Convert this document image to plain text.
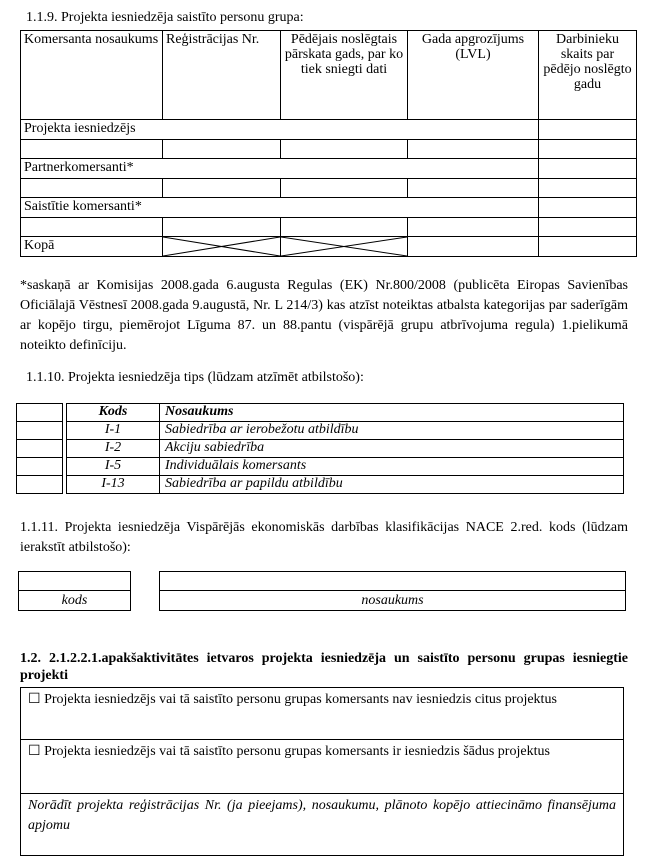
1.1.9. Projekta iesniedzēja saistīto personu grupa:
Komersanta nosaukums	Reģistrācijas Nr.	Pēdējais noslēgtais pārskata gads, par ko tiek sniegti dati	Gada apgrozījums (LVL)	Darbinieku skaits par pēdējo noslēgto gadu
Projekta iesniedzējs				

Partnerkomersanti*				

Saistītie komersanti*				

Kopā	

*saskaņā ar Komisijas 2008.gada 6.augusta Regulas (EK) Nr.800/2008 (publicēta Eiropas Savienības Oficiālajā Vēstnesī 2008.gada 9.augustā, Nr. L 214/3) kas atzīst noteiktas atbalsta kategorijas par saderīgām ar kopējo tirgu, piemērojot Līguma 87. un 88.pantu (vispārējā grupu atbrīvojuma regula) 1.pielikumā noteikto definīciju.
1.1.10. Projekta iesniedzēja tips (lūdzam atzīmēt atbilstošo):

Kods	Nosaukums
I-1	Sabiedrība ar ierobežotu atbildību
I-2	Akciju sabiedrība
I-5	Individuālais komersants
I-13	Sabiedrība ar papildu atbildību
1.1.11. Projekta iesniedzēja Vispārējās ekonomiskās darbības klasifikācijas NACE 2.red. kods (lūdzam ierakstīt atbilstošo):
kods	nosaukums
1.2. 2.1.2.2.1.apakšaktivitātes ietvaros projekta iesniedzēja un saistīto personu grupas iesniegtie projekti
☐ Projekta iesniedzējs vai tā saistīto personu grupas komersants nav iesniedzis citus projektus
☐ Projekta iesniedzējs vai tā saistīto personu grupas komersants ir iesniedzis šādus projektus
Norādīt projekta reģistrācijas Nr. (ja pieejams), nosaukumu, plānoto kopējo attiecināmo finansējuma apjomu
